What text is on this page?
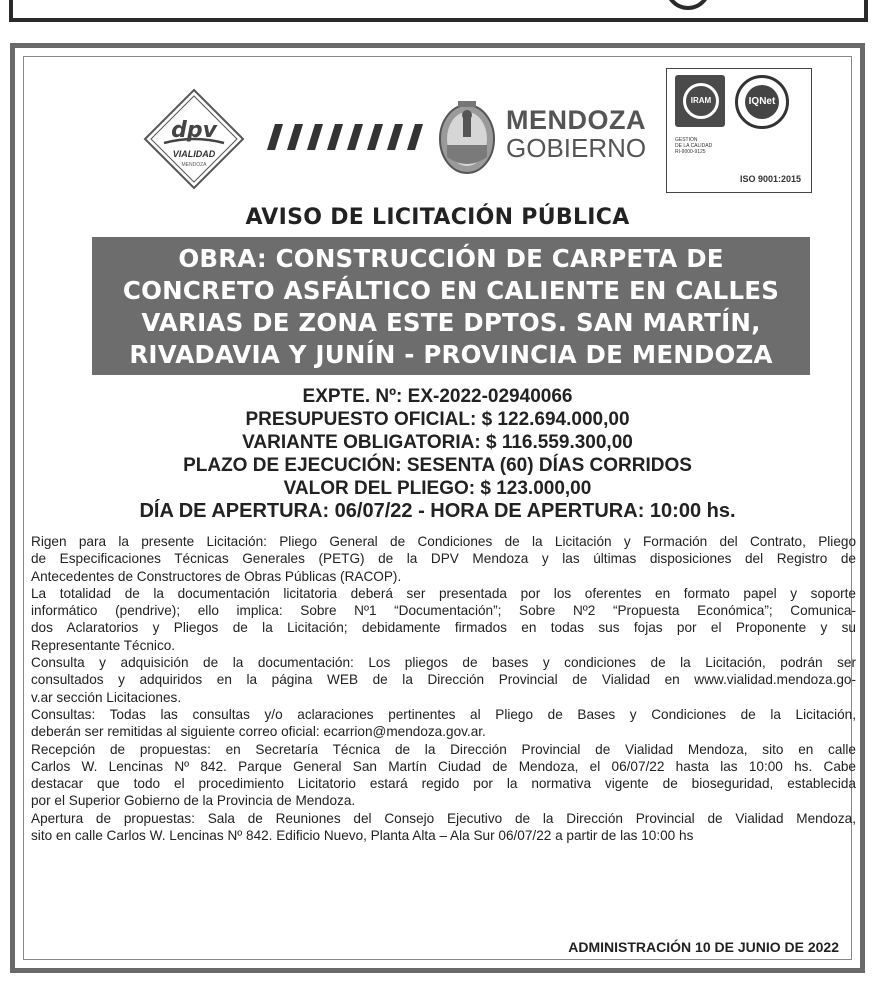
dpv
VIALIDAD
MENDOZA
MENDOZA
GOBIERNO
IRAM	IQNet
GESTION
DE LA CALIDAD
RI-9000-9125
ISO 9001:2015
AVISO DE LICITACIÓN PÚBLICA
OBRA: CONSTRUCCIÓN DE CARPETA DE
CONCRETO ASFÁLTICO EN CALIENTE EN CALLES
VARIAS DE ZONA ESTE DPTOS. SAN MARTÍN,
RIVADAVIA Y JUNÍN - PROVINCIA DE MENDOZA
EXPTE. Nº: EX-2022-02940066
PRESUPUESTO OFICIAL: $ 122.694.000,00
VARIANTE OBLIGATORIA: $ 116.559.300,00
PLAZO DE EJECUCIÓN: SESENTA (60) DÍAS CORRIDOS
VALOR DEL PLIEGO: $ 123.000,00
DÍA DE APERTURA: 06/07/22 - HORA DE APERTURA: 10:00 hs.
Rigen para la presente Licitación: Pliego General de Condiciones de la Licitación y Formación del Contrato, Pliego
de Especificaciones Técnicas Generales (PETG) de la DPV Mendoza y las últimas disposiciones del Registro de
Antecedentes de Constructores de Obras Públicas (RACOP).
La totalidad de la documentación licitatoria deberá ser presentada por los oferentes en formato papel y soporte
informático (pendrive); ello implica: Sobre Nº1 “Documentación”; Sobre Nº2 “Propuesta Económica”; Comunica-
dos Aclaratorios y Pliegos de la Licitación; debidamente firmados en todas sus fojas por el Proponente y su
Representante Técnico.
Consulta y adquisición de la documentación: Los pliegos de bases y condiciones de la Licitación, podrán ser
consultados y adquiridos en la página WEB de la Dirección Provincial de Vialidad en www.vialidad.mendoza.go-
v.ar sección Licitaciones.
Consultas: Todas las consultas y/o aclaraciones pertinentes al Pliego de Bases y Condiciones de la Licitación,
deberán ser remitidas al siguiente correo oficial: ecarrion@mendoza.gov.ar.
Recepción de propuestas: en Secretaría Técnica de la Dirección Provincial de Vialidad Mendoza, sito en calle
Carlos W. Lencinas Nº 842. Parque General San Martín Ciudad de Mendoza, el 06/07/22 hasta las 10:00 hs. Cabe
destacar que todo el procedimiento Licitatorio estará regido por la normativa vigente de bioseguridad, establecida
por el Superior Gobierno de la Provincia de Mendoza.
Apertura de propuestas: Sala de Reuniones del Consejo Ejecutivo de la Dirección Provincial de Vialidad Mendoza,
sito en calle Carlos W. Lencinas Nº 842. Edificio Nuevo, Planta Alta – Ala Sur 06/07/22 a partir de las 10:00 hs
ADMINISTRACIÓN 10 DE JUNIO DE 2022
